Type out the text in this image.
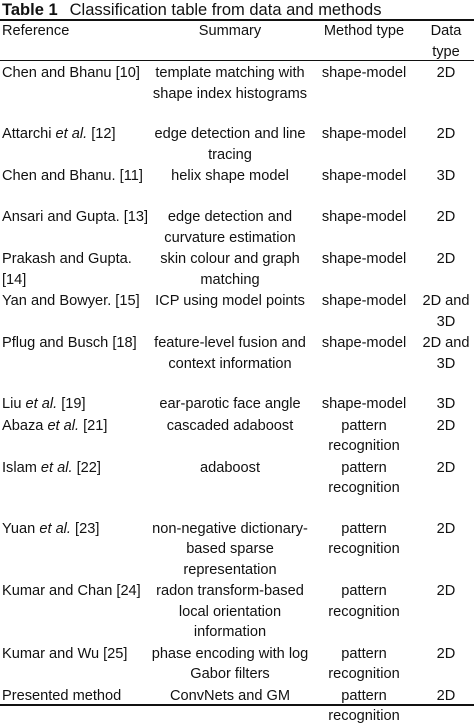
Table 1 Classification table from data and methods
Reference	Summary	Method type	Data type
Chen and Bhanu [10]	template matching with shape index histograms	shape-model	2D
Attarchi et al. [12]	edge detection and line tracing	shape-model	2D
Chen and Bhanu. [11]	helix shape model	shape-model	3D
Ansari and Gupta. [13]	edge detection and curvature estimation	shape-model	2D
Prakash and Gupta. [14]	skin colour and graph matching	shape-model	2D
Yan and Bowyer. [15]	ICP using model points	shape-model	2D and 3D
Pflug and Busch [18]	feature-level fusion and context information	shape-model	2D and 3D
Liu et al. [19]	ear-parotic face angle	shape-model	3D
Abaza et al. [21]	cascaded adaboost	pattern recognition	2D
Islam et al. [22]	adaboost	pattern recognition	2D
Yuan et al. [23]	non-negative dictionary-based sparse representation	pattern recognition	2D
Kumar and Chan [24]	radon transform-based local orientation information	pattern recognition	2D
Kumar and Wu [25]	phase encoding with log Gabor filters	pattern recognition	2D
Presented method	ConvNets and GM	pattern recognition	2D
